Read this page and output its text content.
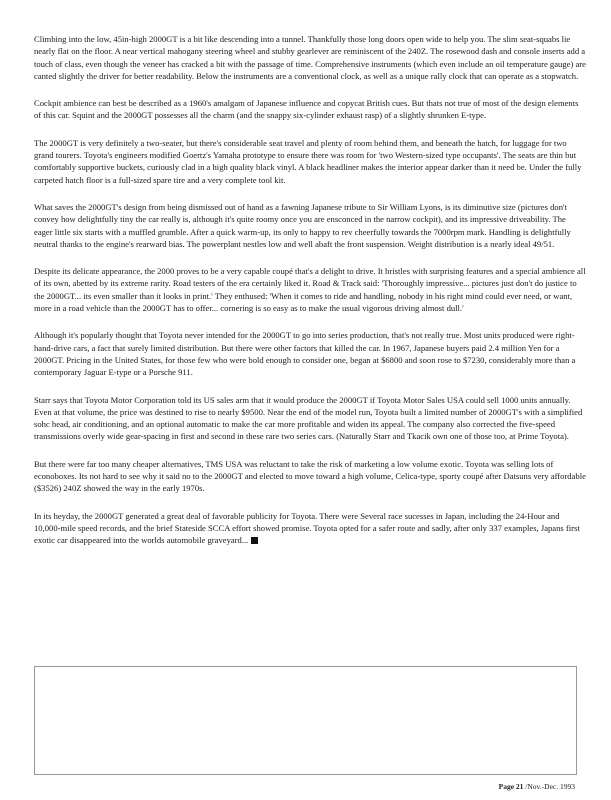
Climbing into the low, 45in-high 2000GT is a bit like descending into a tunnel. Thankfully those long doors open wide to help you. The slim seat-squabs lie nearly flat on the floor. A near vertical mahogany steering wheel and stubby gearlever are reminiscent of the 240Z. The rosewood dash and console inserts add a touch of class, even though the veneer has cracked a bit with the passage of time. Comprehensive instruments (which even include an oil temperature gauge) are canted slightly the driver for better readability. Below the instruments are a conventional clock, as well as a unique rally clock that can operate as a stopwatch.

Cockpit ambience can best be described as a 1960's amalgam of Japanese influence and copycat British cues. But thats not true of most of the design elements of this car. Squint and the 2000GT possesses all the charm (and the snappy six-cylinder exhaust rasp) of a slightly shrunken E-type.

The 2000GT is very definitely a two-seater, but there's considerable seat travel and plenty of room behind them, and beneath the hatch, for luggage for two grand tourers. Toyota's engineers modified Goertz's Yamaha prototype to ensure there was room for 'two Western-sized type occupants'. The seats are thin but comfortably supportive buckets, curiously clad in a high quality black vinyl. A black headliner makes the interior appear darker than it need be. Under the fully carpeted hatch floor is a full-sized spare tire and a very complete tool kit.

What saves the 2000GT's design from being dismissed out of hand as a fawning Japanese tribute to Sir William Lyons, is its diminutive size (pictures don't convey how delightfully tiny the car really is, although it's quite roomy once you are ensconced in the narrow cockpit), and its impressive driveability. The eager little six starts with a muffled grumble. After a quick warm-up, its only to happy to rev cheerfully towards the 7000rpm mark. Handling is delightfully neutral thanks to the engine's rearward bias. The powerplant nestles low and well abaft the front suspension. Weight distribution is a nearly ideal 49/51.

Despite its delicate appearance, the 2000 proves to be a very capable coupé that's a delight to drive. It bristles with surprising features and a special ambience all of its own, abetted by its extreme rarity. Road testers of the era certainly liked it. Road & Track said: 'Thoroughly impressive... pictures just don't do justice to the 2000GT... its even smaller than it looks in print.' They enthused: 'When it comes to ride and handling, nobody in his right mind could ever need, or want, more in a road vehicle than the 2000GT has to offer... cornering is so easy as to make the usual vigorous driving almost dull.'

Although it's popularly thought that Toyota never intended for the 2000GT to go into series production, that's not really true. Most units produced were right-hand-drive cars, a fact that surely limited distribution. But there were other factors that killed the car. In 1967, Japanese buyers paid 2.4 million Yen for a 2000GT. Pricing in the United States, for those few who were bold enough to consider one, began at $6800 and soon rose to $7230, considerably more than a contemporary Jaguar E-type or a Porsche 911.

Starr says that Toyota Motor Corporation told its US sales arm that it would produce the 2000GT if Toyota Motor Sales USA could sell 1000 units annually. Even at that volume, the price was destined to rise to nearly $9500. Near the end of the model run, Toyota built a limited number of 2000GT's with a simplified sohc head, air conditioning, and an optional automatic to make the car more profitable and widen its appeal. The company also corrected the five-speed transmissions overly wide gear-spacing in first and second in these rare two series cars. (Naturally Starr and Tkacik own one of those too, at Prime Toyota).

But there were far too many cheaper alternatives, TMS USA was reluctant to take the risk of marketing a low volume exotic. Toyota was selling lots of econoboxes. Its not hard to see why it said no to the 2000GT and elected to move toward a high volume, Celica-type, sporty coupé after Datsuns very affordable ($3526) 240Z showed the way in the early 1970s.

In its heyday, the 2000GT generated a great deal of favorable publicity for Toyota. There were Several race sucesses in Japan, including the 24-Hour and 10,000-mile speed records, and the brief Stateside SCCA effort showed promise. Toyota opted for a safer route and sadly, after only 337 examples, Japans first exotic car disappeared into the worlds automobile graveyard...

Page 21 /Nov.-Dec. 1993
